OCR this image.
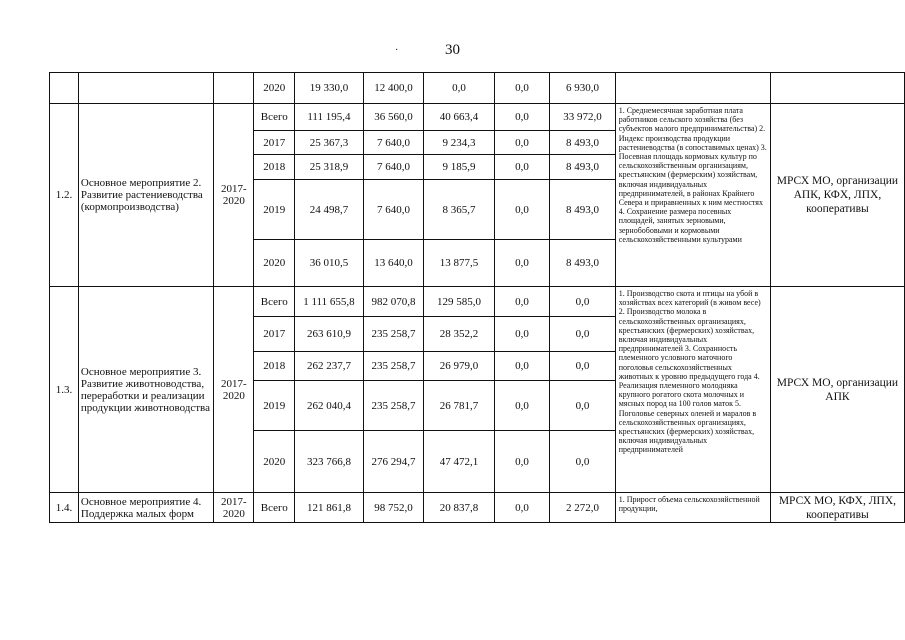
·	30
			2020	19 330,0	12 400,0	0,0	0,0	6 930,0		
1.2.	Основное мероприятие 2. Развитие растениеводства (кормопроизводства)	2017-2020	Всего	111 195,4	36 560,0	40 663,4	0,0	33 972,0	1. Среднемесячная заработная плата работников сельского хозяйства (без субъектов малого предпринимательства) 2. Индекс производства продукции растениеводства (в сопоставимых ценах) 3. Посевная площадь кормовых культур по сельскохозяйственным организациям, крестьянским (фермерским) хозяйствам, включая индивидуальных предпринимателей, в районах Крайнего Севера и приравненных к ним местностях 4. Сохранение размера посевных площадей, занятых зерновыми, зернобобовыми и кормовыми сельскохозяйственными культурами	МРСХ МО, организации АПК, КФХ, ЛПХ, кооперативы
			2017	25 367,3	7 640,0	9 234,3	0,0	8 493,0		
			2018	25 318,9	7 640,0	9 185,9	0,0	8 493,0		
			2019	24 498,7	7 640,0	8 365,7	0,0	8 493,0		
			2020	36 010,5	13 640,0	13 877,5	0,0	8 493,0		
1.3.	Основное мероприятие 3. Развитие животноводства, переработки и реализации продукции животноводства	2017-2020	Всего	1 111 655,8	982 070,8	129 585,0	0,0	0,0	1. Производство скота и птицы на убой в хозяйствах всех категорий (в живом весе) 2. Производство молока в сельскохозяйственных организациях, крестьянских (фермерских) хозяйствах, включая индивидуальных предпринимателей 3. Сохранность племенного условного маточного поголовья сельскохозяйственных животных к уровню предыдущего года 4. Реализация племенного молодняка крупного рогатого скота молочных и мясных пород на 100 голов маток 5. Поголовье северных оленей и маралов в сельскохозяйственных организациях, крестьянских (фермерских) хозяйствах, включая индивидуальных предпринимателей	МРСХ МО, организации АПК
			2017	263 610,9	235 258,7	28 352,2	0,0	0,0		
			2018	262 237,7	235 258,7	26 979,0	0,0	0,0		
			2019	262 040,4	235 258,7	26 781,7	0,0	0,0		
			2020	323 766,8	276 294,7	47 472,1	0,0	0,0		
1.4.	Основное мероприятие 4. Поддержка малых форм	2017-2020	Всего	121 861,8	98 752,0	20 837,8	0,0	2 272,0	1. Прирост объема сельскохозяйственной продукции,	МРСХ МО, КФХ, ЛПХ, кооперативы
